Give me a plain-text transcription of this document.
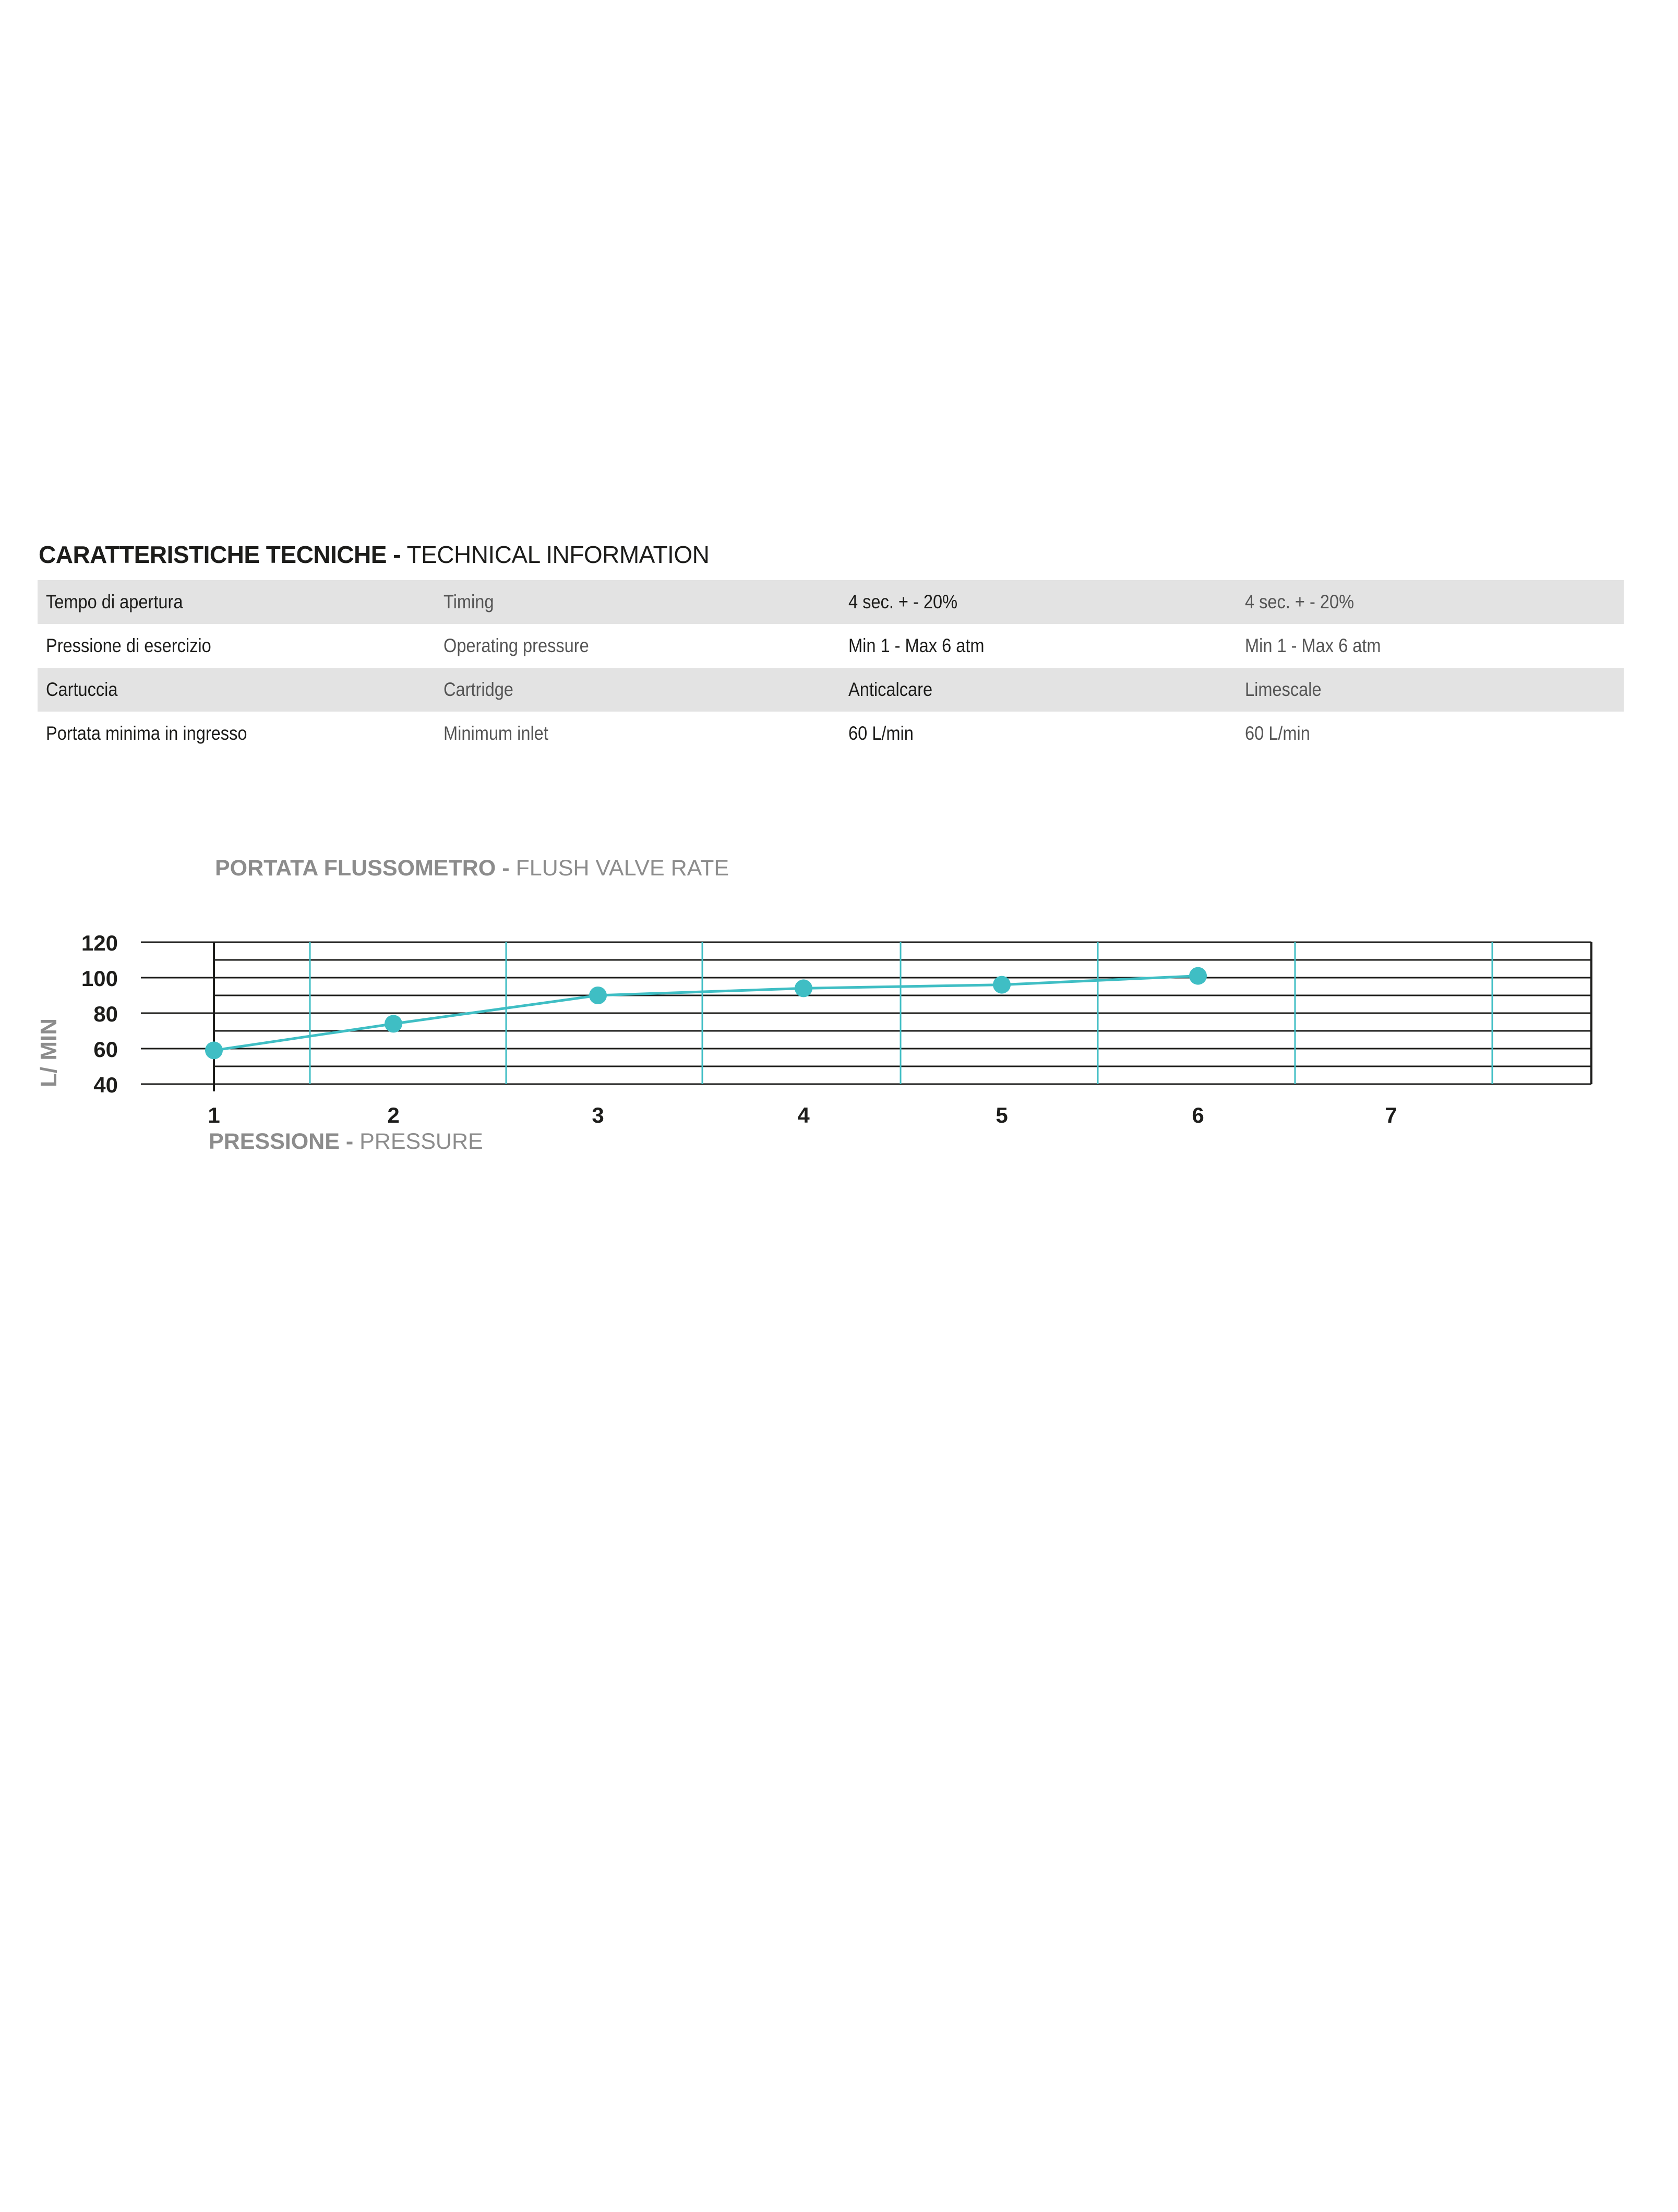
CARATTERISTICHE TECNICHE - TECHNICAL INFORMATION
Tempo di apertura	Timing	4 sec. + - 20%	4 sec. + - 20%
Pressione di esercizio	Operating pressure	Min 1 - Max 6 atm	Min 1 - Max 6 atm
Cartuccia	Cartridge	Anticalcare	Limescale
Portata minima in ingresso	Minimum inlet	60 L/min	60 L/min
PORTATA FLUSSOMETRO - FLUSH VALVE RATE
PRESSIONE - PRESSURE
40
60
80
100
120
1	2	3	4	5	6	7
L/ MIN
